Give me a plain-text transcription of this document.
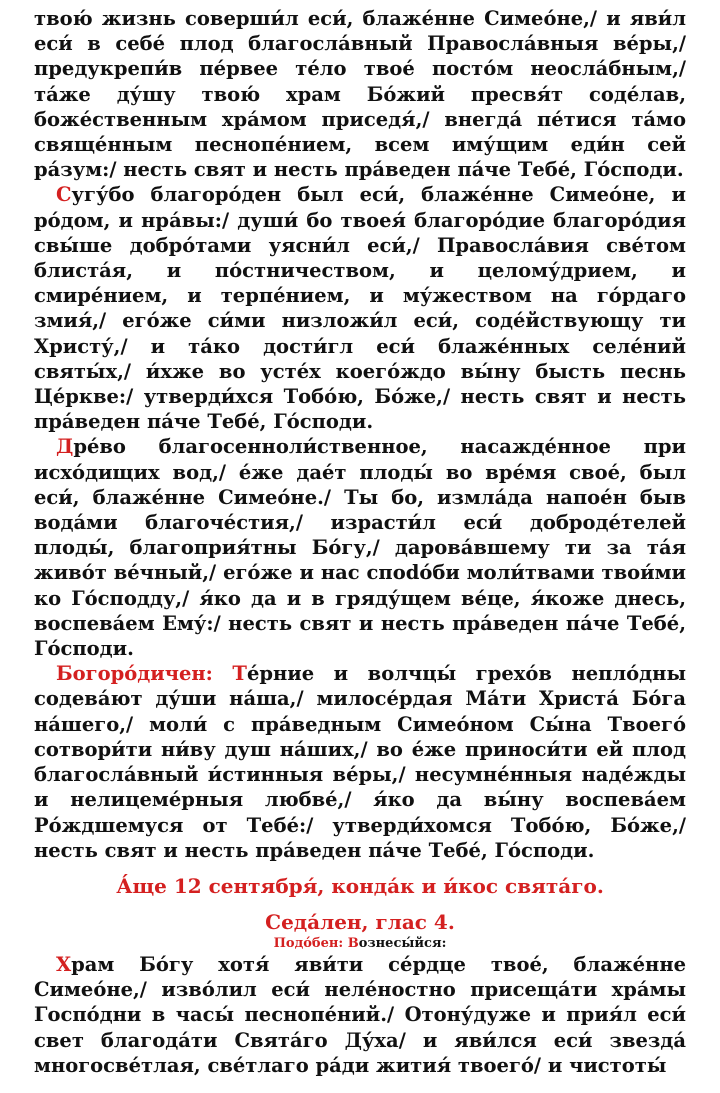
твою́ жизнь соверши́л еси́, блаже́нне Симео́не,/ и яви́л еси́ в себе́ плод благосла́вный Правосла́вныя ве́ры,/ предукрепи́в пе́рвее те́ло твое́ посто́м неосла́бным,/ та́же ду́шу твою́ храм Бо́жий пресвя́т соде́лав, боже́ственным хра́мом приседя́,/ внегда́ пе́тися та́мо свяще́нным песнопе́нием, всем иму́щим еди́н сей ра́зум:/ несть свят и несть пра́веден па́че Тебе́, Го́споди.

Сугу́бо благоро́ден был еси́, блаже́нне Симео́не, и ро́дом, и нра́вы:/ души́ бо твоея́ благоро́дие благоро́дия свы́ше добро́тами уясни́л еси́,/ Правосла́вия све́том блиста́я, и по́стничеством, и целому́дрием, и смире́нием, и терпе́нием, и му́жеством на го́рдаго змия́,/ его́же си́ми низложи́л еси́, соде́йствующу ти Христу́,/ и та́ко дости́гл еси́ блаже́нных селе́ний святы́х,/ и́хже во усте́х коего́ждо вы́ну бысть песнь Це́ркве:/ утверди́хся Тобо́ю, Бо́же,/ несть свят и несть пра́веден па́че Тебе́, Го́споди.

Дре́во благосеннoли́ственное, насажде́нное при исхо́дищих вод,/ е́же дае́т плоды́ во вре́мя свое́, был еси́, блаже́нне Симео́не./ Ты бо, измла́да напое́н быв вода́ми благоче́стия,/ израсти́л еси́ доброде́телей плоды́, благоприя́тны Бо́гу,/ дарова́вшему ти за та́я живо́т ве́чный,/ его́же и нас спodо́би моли́твами твои́ми ко Го́сподду,/ я́ко да и в гряду́щем ве́це, я́коже днесь, воспева́ем Ему́:/ несть свят и несть пра́веден па́че Тебе́, Го́споди.

Богоро́дичен: Те́рние и волчцы́ грехо́в непло́дны содева́ют ду́ши на́ша,/ милосе́рдая Ма́ти Христа́ Бо́га на́шего,/ моли́ с пра́ведным Симео́ном Сы́на Твоего́ сотвори́ти ни́ву душ на́ших,/ во е́же приноси́ти ей плод благосла́вный и́стинныя ве́ры,/ несумне́нныя наде́жды и нелицеме́рныя любве́,/ я́ко да вы́ну воспева́ем Ро́ждшемуся от Тебе́:/ утверди́хомся Тобо́ю, Бо́же,/ несть свят и несть пра́веден па́че Тебе́, Го́споди.

А́ще 12 сентября́, конда́к и и́кос свята́го.

Седа́лен, глас 4.

Подо́бен: Вознесы́йся:

Храм Бо́гу хотя́ яви́ти се́рдце твое́, блаже́нне Симео́не,/ изво́лил еси́ нелéностно присеща́ти хра́мы Госпо́дни в часы́ песнопе́ний./ Отону́дуже и прия́л еси́ свет благода́ти Свята́го Ду́ха/ и яви́лся еси́ звезда́ многосве́тлая, све́тлаго ра́ди жития́ твоего́/ и чистоты́
